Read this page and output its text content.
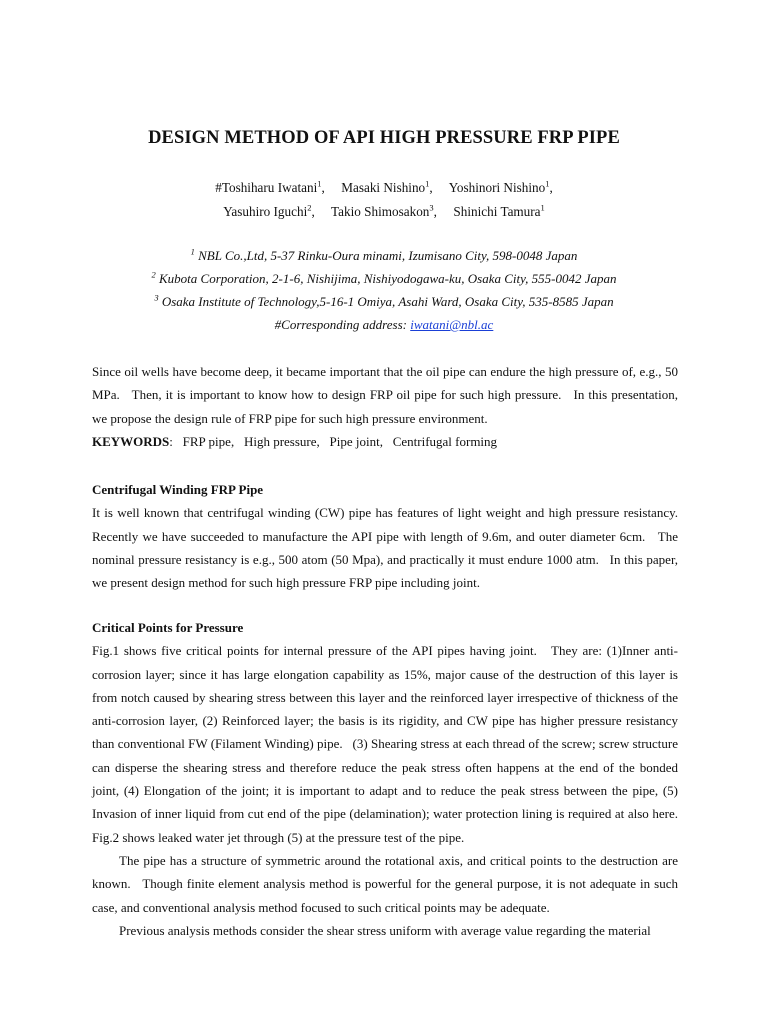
DESIGN METHOD OF API HIGH PRESSURE FRP PIPE
#Toshiharu Iwatani$^1$,     Masaki Nishino$^1$,     Yoshinori Nishino$^1$,
Yasuhiro Iguchi$^2$,     Takio Shimosakon$^3$,     Shinichi Tamura$^1$
$^1$ NBL Co.,Ltd, 5-37 Rinku-Oura minami, Izumisano City, 598-0048 Japan
$^2$ Kubota Corporation, 2-1-6, Nishijima, Nishiyodogawa-ku, Osaka City, 555-0042 Japan
$^3$ Osaka Institute of Technology,5-16-1 Omiya, Asahi Ward, Osaka City, 535-8585 Japan
#Corresponding address: iwatani@nbl.ac

Since oil wells have become deep, it became important that the oil pipe can endure the high pressure of, e.g., 50 MPa.   Then, it is important to know how to design FRP oil pipe for such high pressure.   In this presentation, we propose the design rule of FRP pipe for such high pressure environment.

KEYWORDS:   FRP pipe,   High pressure,   Pipe joint,   Centrifugal forming

Centrifugal Winding FRP Pipe

It is well known that centrifugal winding (CW) pipe has features of light weight and high pressure resistancy. Recently we have succeeded to manufacture the API pipe with length of 9.6m, and outer diameter 6cm.   The nominal pressure resistancy is e.g., 500 atom (50 Mpa), and practically it must endure 1000 atm.   In this paper, we present design method for such high pressure FRP pipe including joint.

Critical Points for Pressure

Fig.1 shows five critical points for internal pressure of the API pipes having joint.   They are: (1)Inner anti-corrosion layer; since it has large elongation capability as 15%, major cause of the destruction of this layer is from notch caused by shearing stress between this layer and the reinforced layer irrespective of thickness of the anti-corrosion layer, (2) Reinforced layer; the basis is its rigidity, and CW pipe has higher pressure resistancy than conventional FW (Filament Winding) pipe.   (3) Shearing stress at each thread of the screw; screw structure can disperse the shearing stress and therefore reduce the peak stress often happens at the end of the bonded joint, (4) Elongation of the joint; it is important to adapt and to reduce the peak stress between the pipe, (5) Invasion of inner liquid from cut end of the pipe (delamination); water protection lining is required at also here.   Fig.2 shows leaked water jet through (5) at the pressure test of the pipe.

The pipe has a structure of symmetric around the rotational axis, and critical points to the destruction are known.   Though finite element analysis method is powerful for the general purpose, it is not adequate in such case, and conventional analysis method focused to such critical points may be adequate.

Previous analysis methods consider the shear stress uniform with average value regarding the material
